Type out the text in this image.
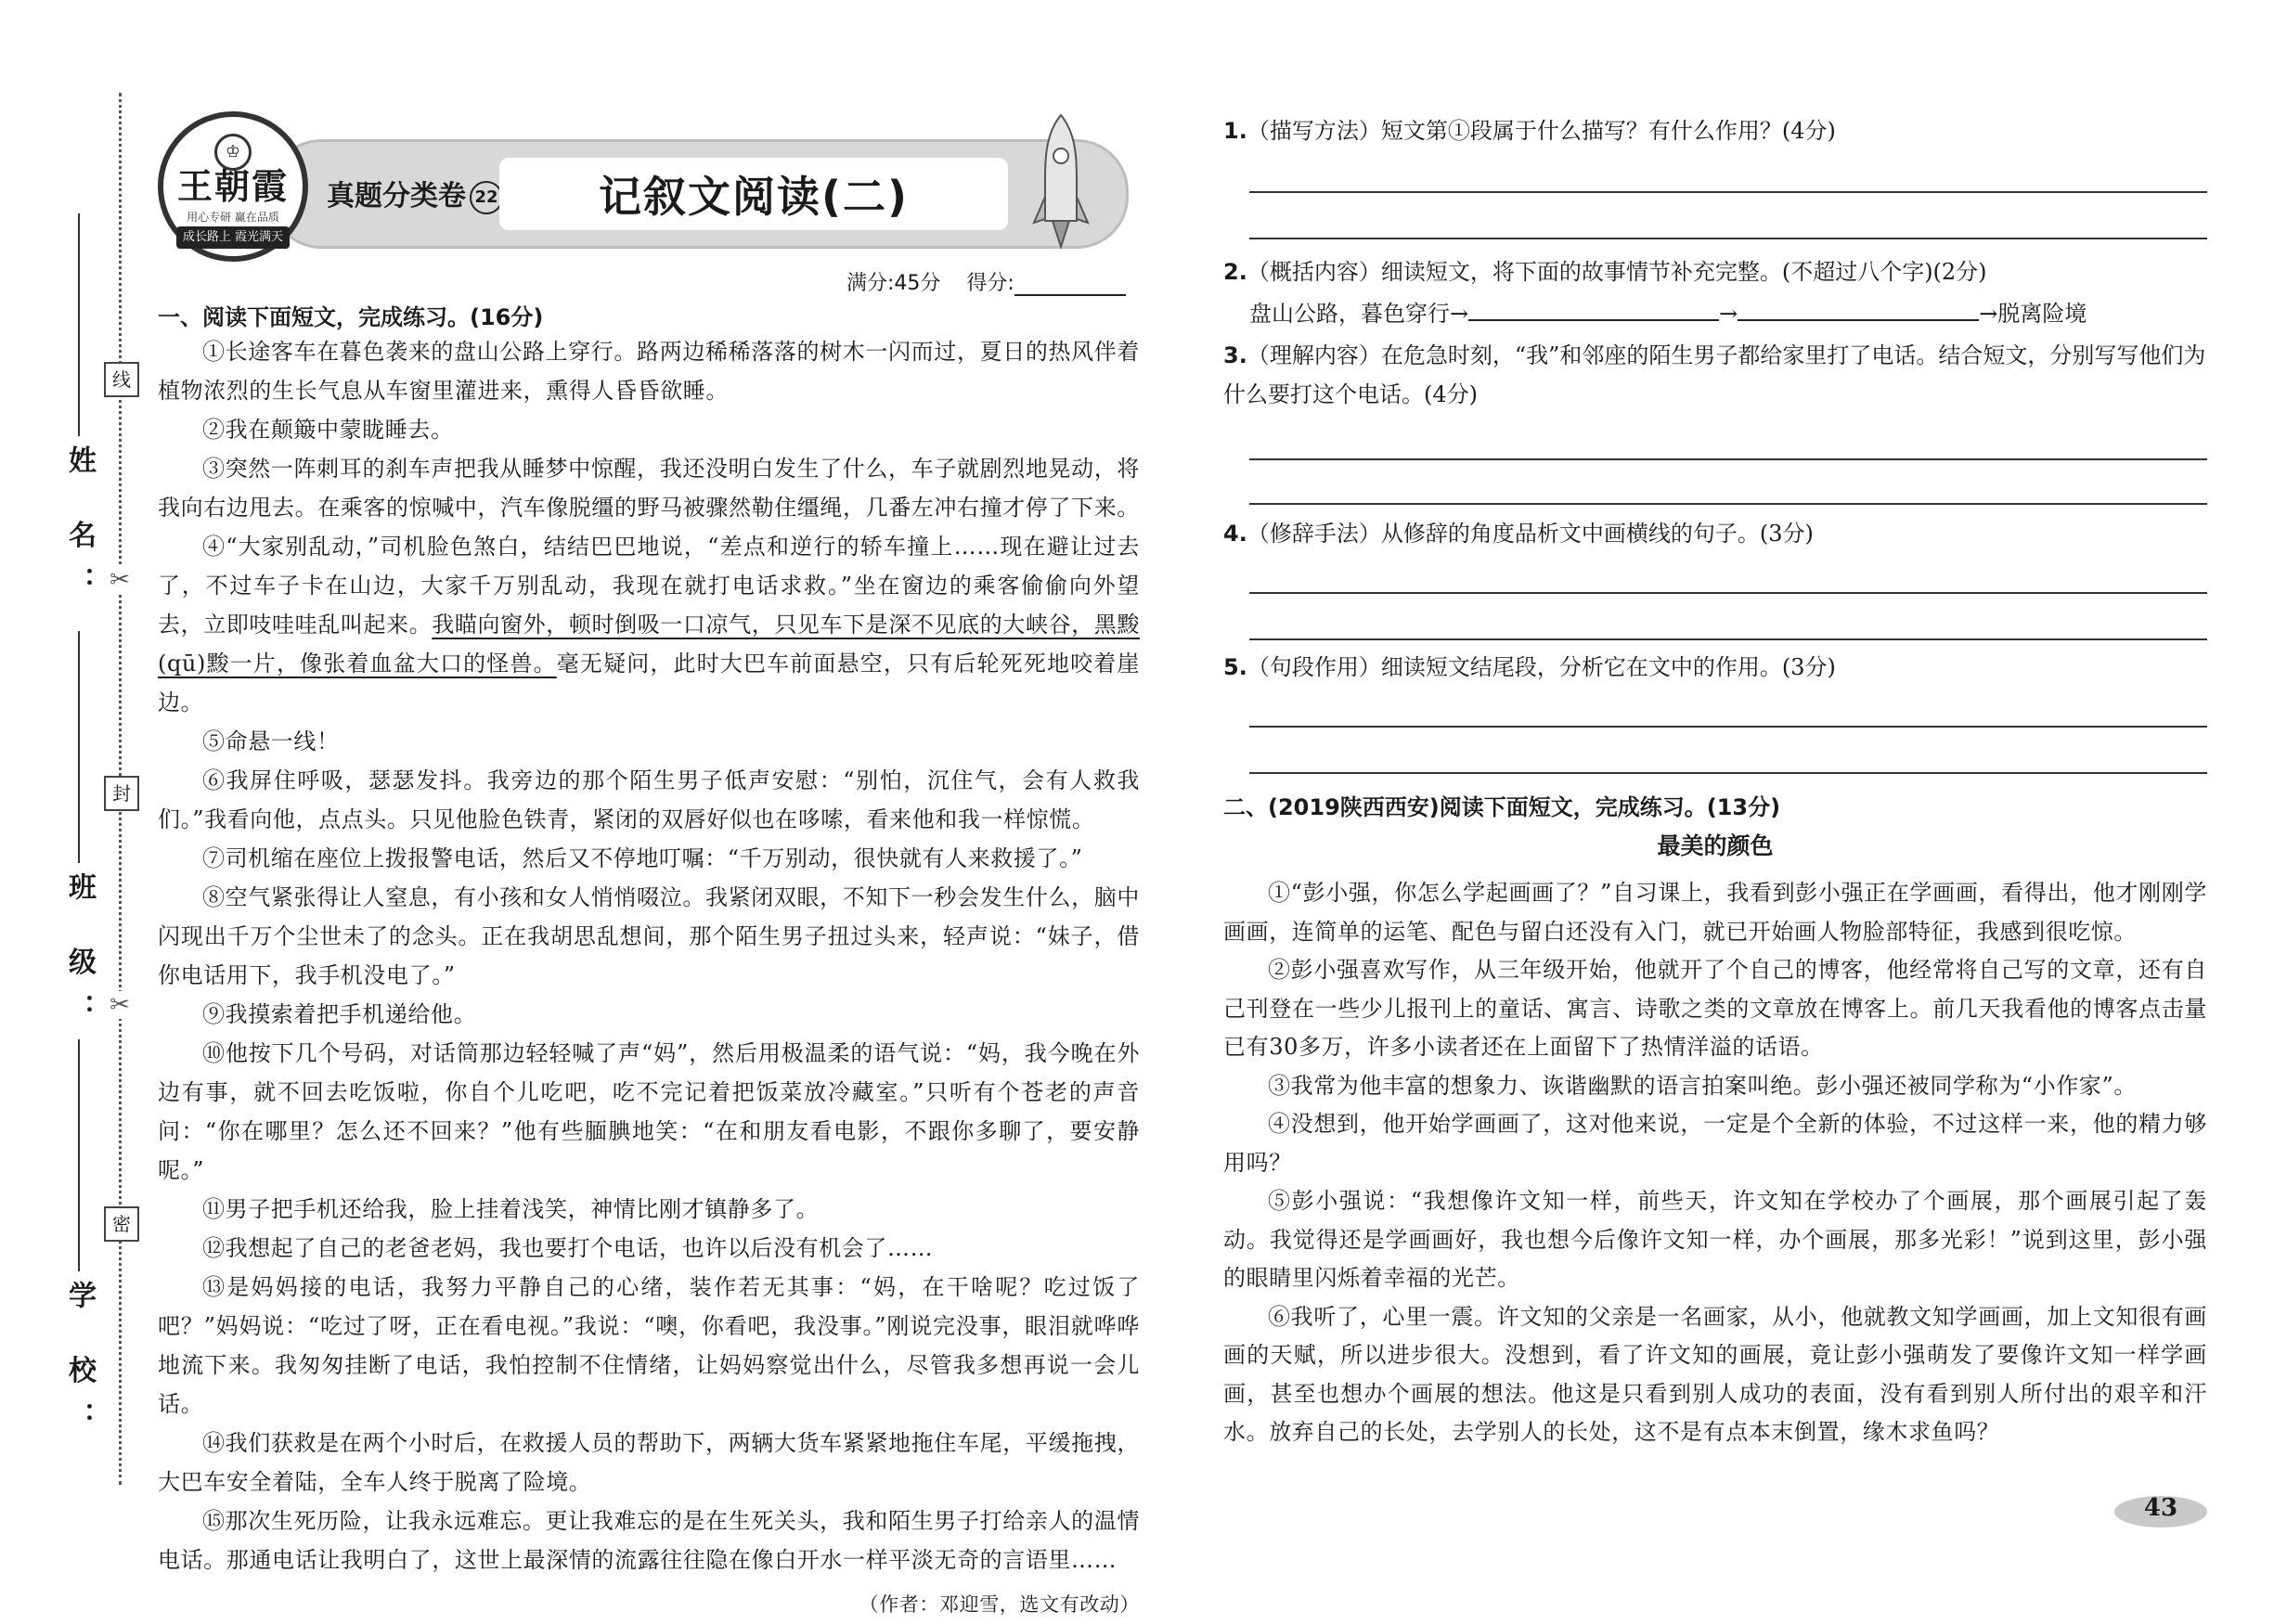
姓 名：
班 级：
学 校：
线
✂
封
✂
密
♔
王朝霞
用心专研 赢在品质
成长路上 霞光满天
真题分类卷 22 记叙文阅读(二)
满分:45分 得分:
一、阅读下面短文，完成练习。(16分)

①长途客车在暮色袭来的盘山公路上穿行。路两边稀稀落落的树木一闪而过，夏日的热风伴着植物浓烈的生长气息从车窗里灌进来，熏得人昏昏欲睡。

②我在颠簸中蒙眬睡去。

③突然一阵刺耳的刹车声把我从睡梦中惊醒，我还没明白发生了什么，车子就剧烈地晃动，将我向右边甩去。在乘客的惊喊中，汽车像脱缰的野马被骤然勒住缰绳，几番左冲右撞才停了下来。

④“大家别乱动，”司机脸色煞白，结结巴巴地说，“差点和逆行的轿车撞上……现在避让过去了，不过车子卡在山边，大家千万别乱动，我现在就打电话求救。”坐在窗边的乘客偷偷向外望去，立即吱哇哇乱叫起来。我瞄向窗外，顿时倒吸一口凉气，只见车下是深不见底的大峡谷，黑黢(qū)黢一片，像张着血盆大口的怪兽。毫无疑问，此时大巴车前面悬空，只有后轮死死地咬着崖边。

⑤命悬一线！

⑥我屏住呼吸，瑟瑟发抖。我旁边的那个陌生男子低声安慰：“别怕，沉住气，会有人救我们。”我看向他，点点头。只见他脸色铁青，紧闭的双唇好似也在哆嗦，看来他和我一样惊慌。

⑦司机缩在座位上拨报警电话，然后又不停地叮嘱：“千万别动，很快就有人来救援了。”

⑧空气紧张得让人窒息，有小孩和女人悄悄啜泣。我紧闭双眼，不知下一秒会发生什么，脑中闪现出千万个尘世未了的念头。正在我胡思乱想间，那个陌生男子扭过头来，轻声说：“妹子，借你电话用下，我手机没电了。”

⑨我摸索着把手机递给他。

⑩他按下几个号码，对话筒那边轻轻喊了声“妈”，然后用极温柔的语气说：“妈，我今晚在外边有事，就不回去吃饭啦，你自个儿吃吧，吃不完记着把饭菜放冷藏室。”只听有个苍老的声音问：“你在哪里？怎么还不回来？”他有些腼腆地笑：“在和朋友看电影，不跟你多聊了，要安静呢。”

⑪男子把手机还给我，脸上挂着浅笑，神情比刚才镇静多了。

⑫我想起了自己的老爸老妈，我也要打个电话，也许以后没有机会了……

⑬是妈妈接的电话，我努力平静自己的心绪，装作若无其事：“妈，在干啥呢？吃过饭了吧？”妈妈说：“吃过了呀，正在看电视。”我说：“噢，你看吧，我没事。”刚说完没事，眼泪就哗哗地流下来。我匆匆挂断了电话，我怕控制不住情绪，让妈妈察觉出什么，尽管我多想再说一会儿话。

⑭我们获救是在两个小时后，在救援人员的帮助下，两辆大货车紧紧地拖住车尾，平缓拖拽，大巴车安全着陆，全车人终于脱离了险境。

⑮那次生死历险，让我永远难忘。更让我难忘的是在生死关头，我和陌生男子打给亲人的温情电话。那通电话让我明白了，这世上最深情的流露往往隐在像白开水一样平淡无奇的言语里……

（作者：邓迎雪，选文有改动）

1.（描写方法）短文第①段属于什么描写？有什么作用？(4分)
2.（概括内容）细读短文，将下面的故事情节补充完整。(不超过八个字)(2分)
盘山公路，暮色穿行→	→	→脱离险境
3.（理解内容）在危急时刻，“我”和邻座的陌生男子都给家里打了电话。结合短文，分别写写他们为什么要打这个电话。(4分)
4.（修辞手法）从修辞的角度品析文中画横线的句子。(3分)
5.（句段作用）细读短文结尾段，分析它在文中的作用。(3分)
二、(2019陕西西安)阅读下面短文，完成练习。(13分)
最美的颜色

①“彭小强，你怎么学起画画了？”自习课上，我看到彭小强正在学画画，看得出，他才刚刚学画画，连简单的运笔、配色与留白还没有入门，就已开始画人物脸部特征，我感到很吃惊。

②彭小强喜欢写作，从三年级开始，他就开了个自己的博客，他经常将自己写的文章，还有自己刊登在一些少儿报刊上的童话、寓言、诗歌之类的文章放在博客上。前几天我看他的博客点击量已有30多万，许多小读者还在上面留下了热情洋溢的话语。

③我常为他丰富的想象力、诙谐幽默的语言拍案叫绝。彭小强还被同学称为“小作家”。

④没想到，他开始学画画了，这对他来说，一定是个全新的体验，不过这样一来，他的精力够用吗？

⑤彭小强说：“我想像许文知一样，前些天，许文知在学校办了个画展，那个画展引起了轰动。我觉得还是学画画好，我也想今后像许文知一样，办个画展，那多光彩！”说到这里，彭小强的眼睛里闪烁着幸福的光芒。

⑥我听了，心里一震。许文知的父亲是一名画家，从小，他就教文知学画画，加上文知很有画画的天赋，所以进步很大。没想到，看了许文知的画展，竟让彭小强萌发了要像许文知一样学画画，甚至也想办个画展的想法。他这是只看到别人成功的表面，没有看到别人所付出的艰辛和汗水。放弃自己的长处，去学别人的长处，这不是有点本末倒置，缘木求鱼吗？

43
